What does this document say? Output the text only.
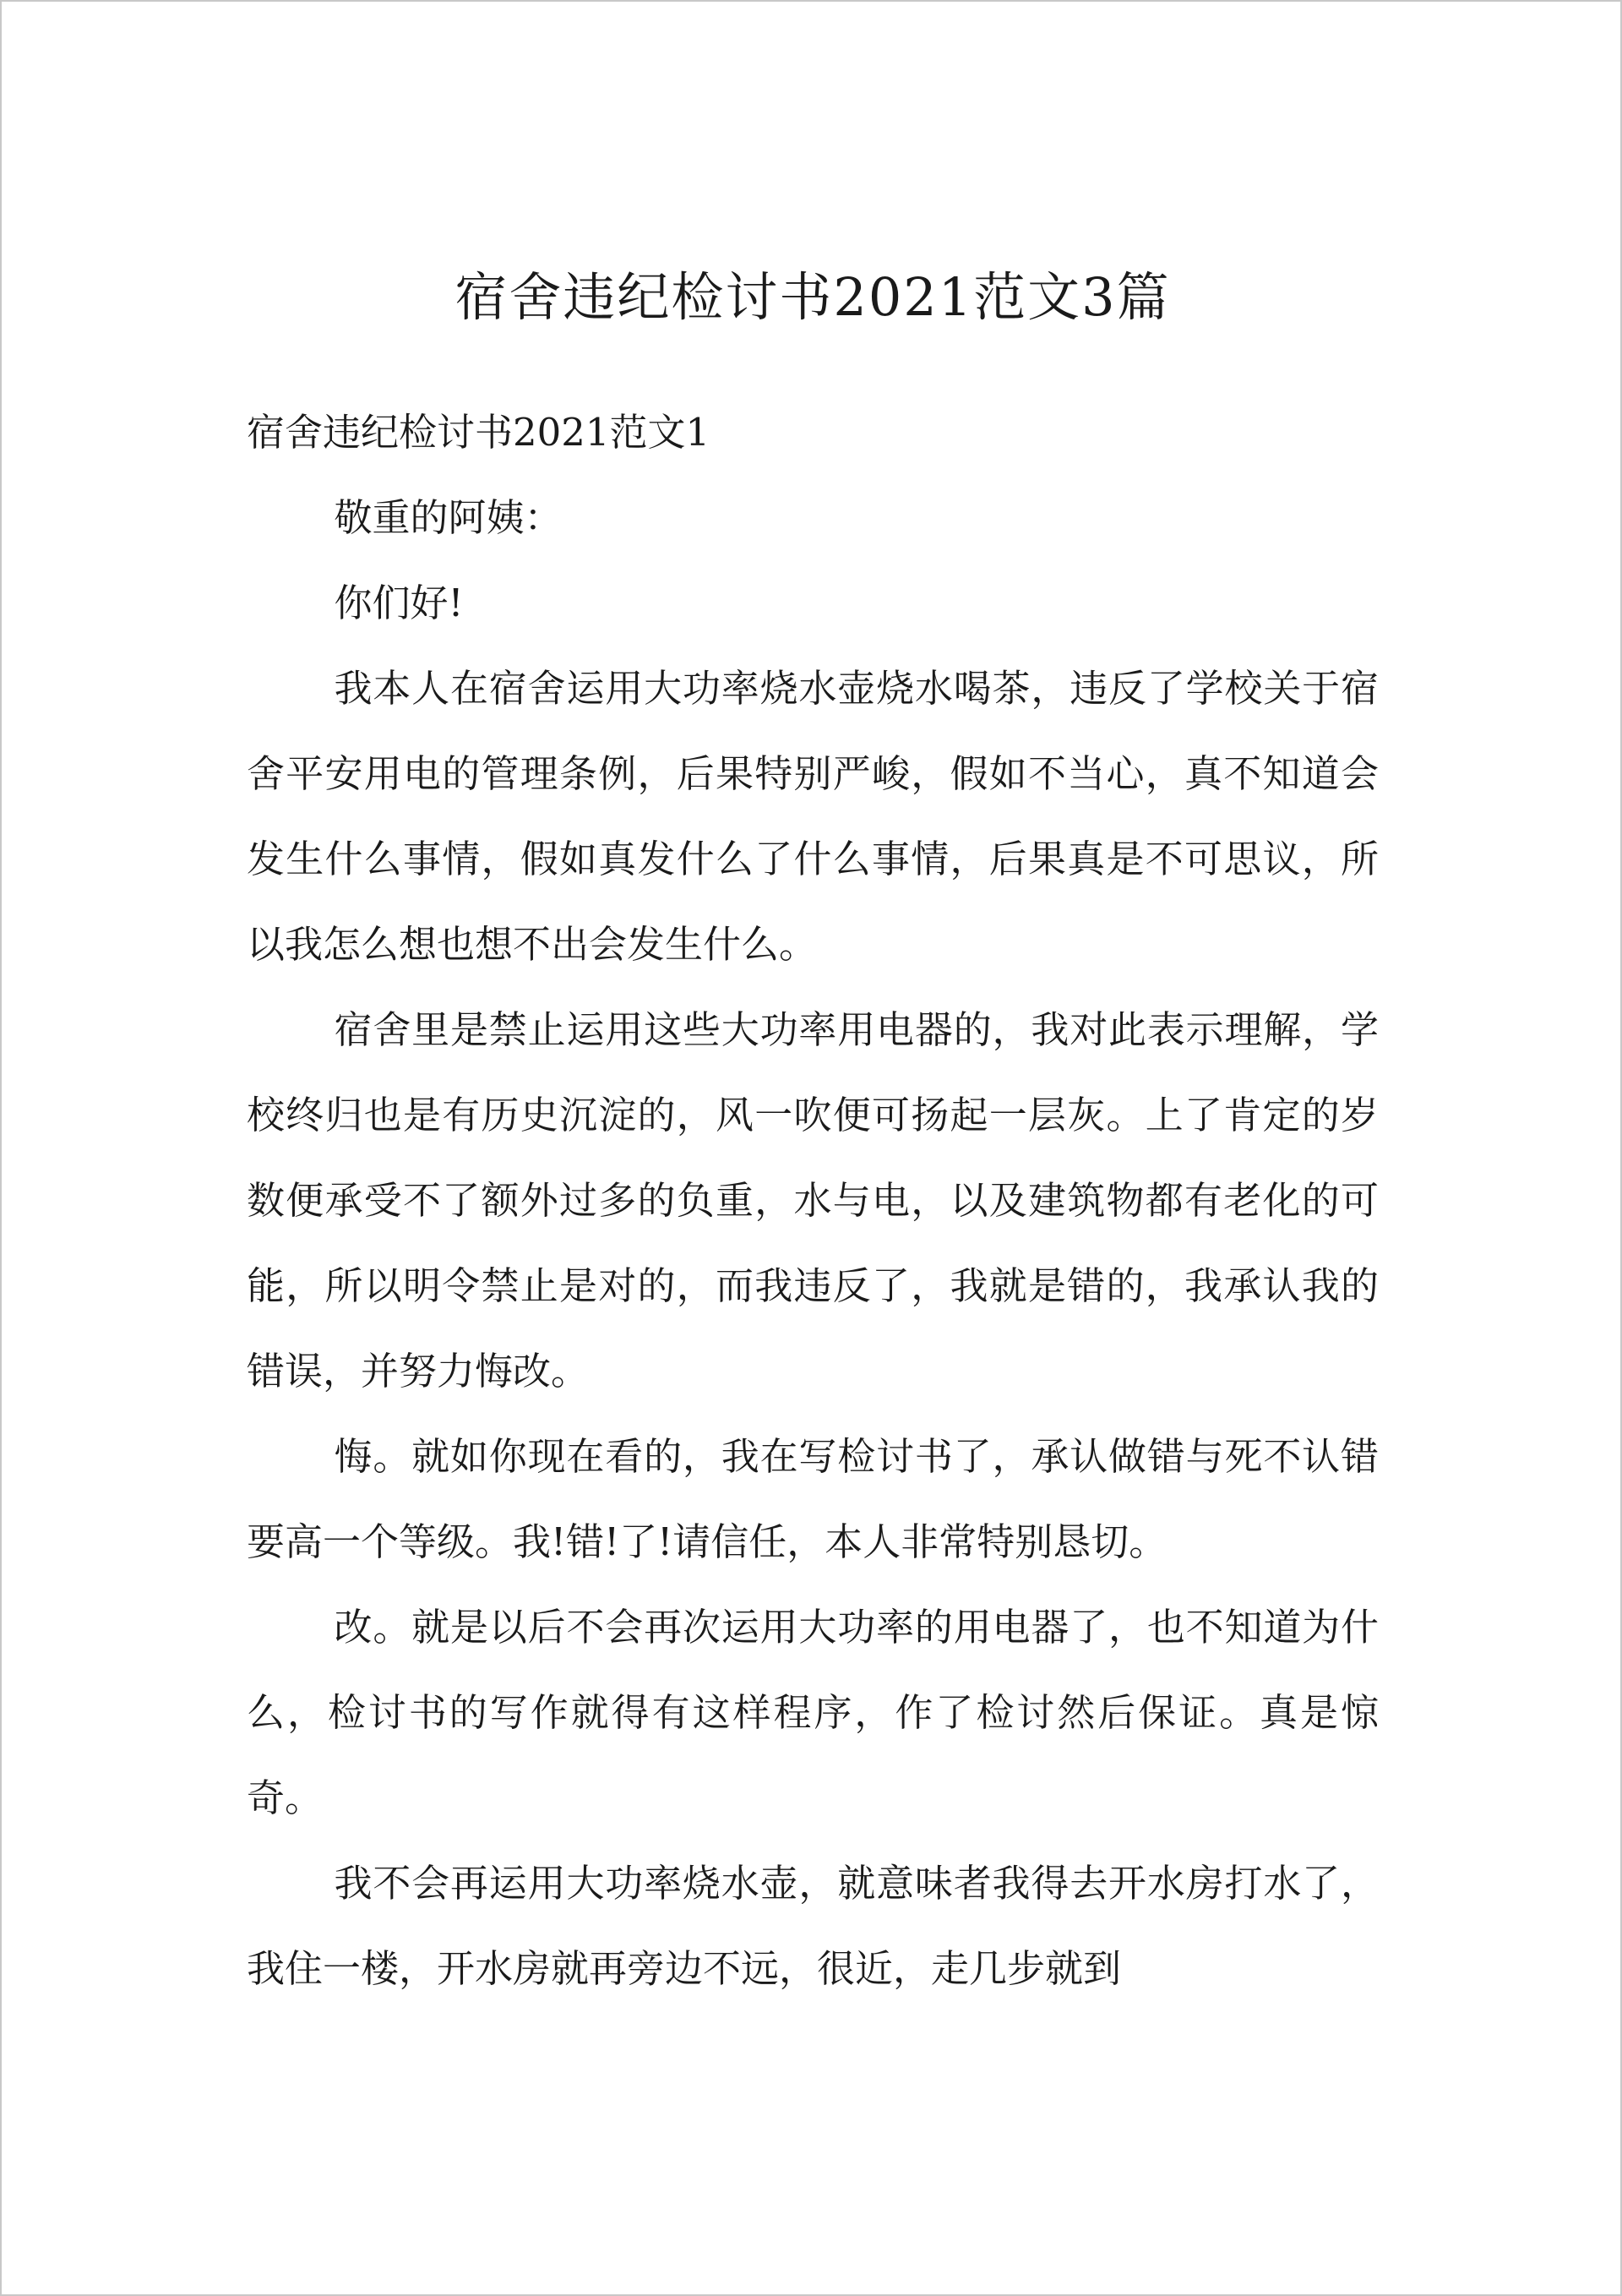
宿舍违纪检讨书2021范文3篇
宿舍违纪检讨书2021范文1

敬重的阿姨：

你们好!

我本人在宿舍运用大功率烧水壶烧水喝茶，违反了学校关于宿舍平安用电的管理条例，后果特别严峻，假如不当心，真不知道会发生什么事情，假如真发什么了什么事情，后果真是不可思议，所以我怎么想也想不出会发生什么。

宿舍里是禁止运用这些大功率用电器的，我对此表示理解，学校终归也是有历史沉淀的，风一吹便可扬起一层灰。上了肯定的岁数便承受不了额外过多的负重，水与电，以及建筑物都有老化的可能，所以明令禁止是对的，而我违反了，我就是错的，我承认我的错误，并努力悔改。

悔。就如你现在看的，我在写检讨书了，承认做错与死不认错要高一个等级。我!错!了!请信任，本人非常特别恳切。

改。就是以后不会再次运用大功率的用电器了，也不知道为什么，检讨书的写作就得有这样程序，作了检讨然后保证。真是惊奇。

我不会再运用大功率烧水壶，就意味者我得去开水房打水了，我住一楼，开水房就再旁边不远，很近，走几步就到
